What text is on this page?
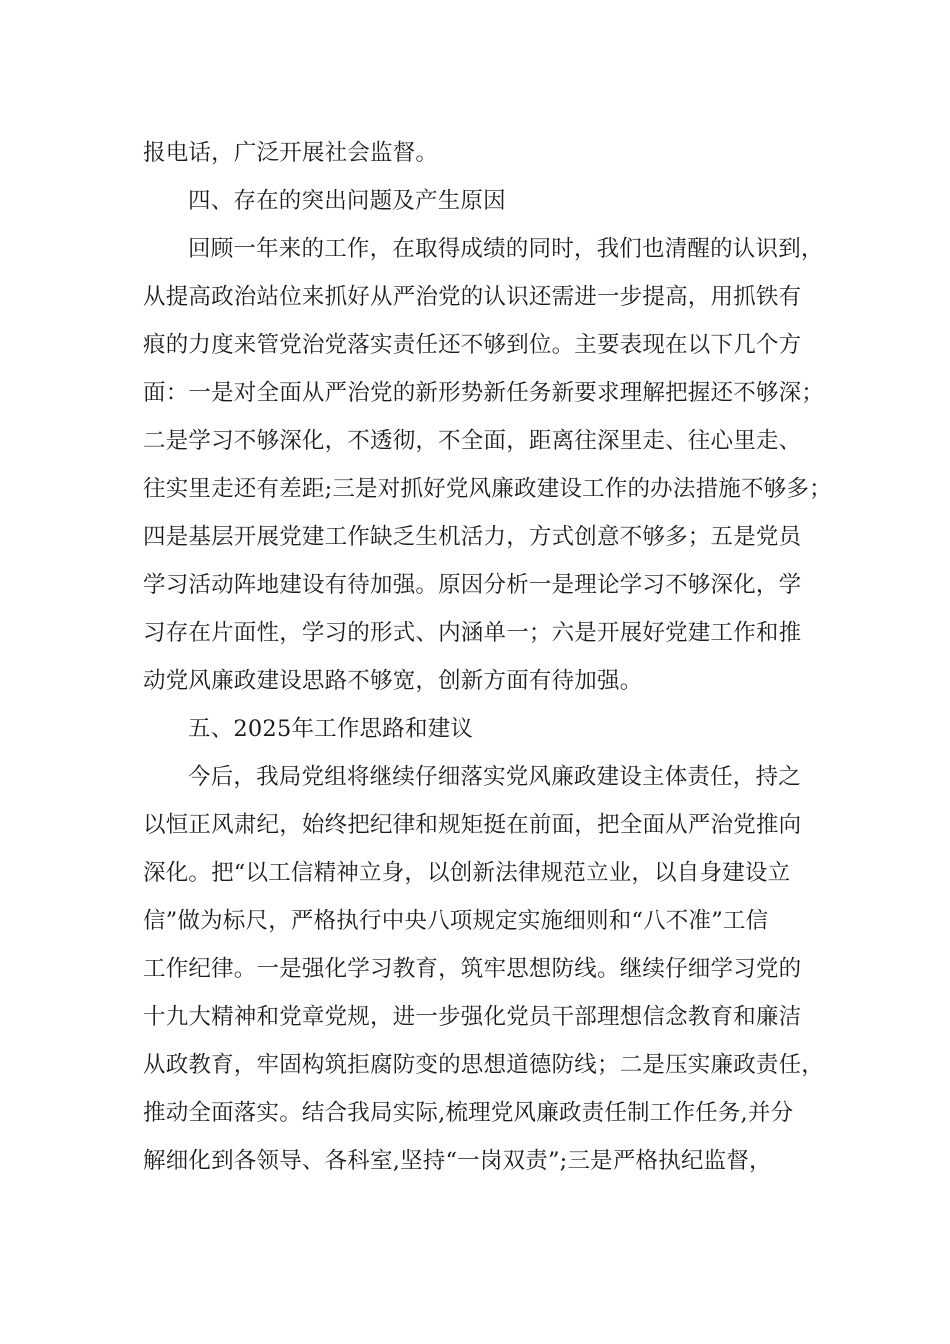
报电话，广泛开展社会监督。
四、存在的突出问题及产生原因
回顾一年来的工作，在取得成绩的同时，我们也清醒的认识到，
从提高政治站位来抓好从严治党的认识还需进一步提高，用抓铁有
痕的力度来管党治党落实责任还不够到位。主要表现在以下几个方
面：一是对全面从严治党的新形势新任务新要求理解把握还不够深；
二是学习不够深化，不透彻，不全面，距离往深里走、往心里走、
往实里走还有差距;三是对抓好党风廉政建设工作的办法措施不够多；
四是基层开展党建工作缺乏生机活力，方式创意不够多；五是党员
学习活动阵地建设有待加强。原因分析一是理论学习不够深化，学
习存在片面性，学习的形式、内涵单一；六是开展好党建工作和推
动党风廉政建设思路不够宽，创新方面有待加强。
五、2025年工作思路和建议
今后，我局党组将继续仔细落实党风廉政建设主体责任，持之
以恒正风肃纪，始终把纪律和规矩挺在前面，把全面从严治党推向
深化。把“以工信精神立身，以创新法律规范立业，以自身建设立
信”做为标尺，严格执行中央八项规定实施细则和“八不准”工信
工作纪律。一是强化学习教育，筑牢思想防线。继续仔细学习党的
十九大精神和党章党规，进一步强化党员干部理想信念教育和廉洁
从政教育，牢固构筑拒腐防变的思想道德防线；二是压实廉政责任，
推动全面落实。结合我局实际,梳理党风廉政责任制工作任务,并分
解细化到各领导、各科室,坚持“一岗双责”;三是严格执纪监督，
